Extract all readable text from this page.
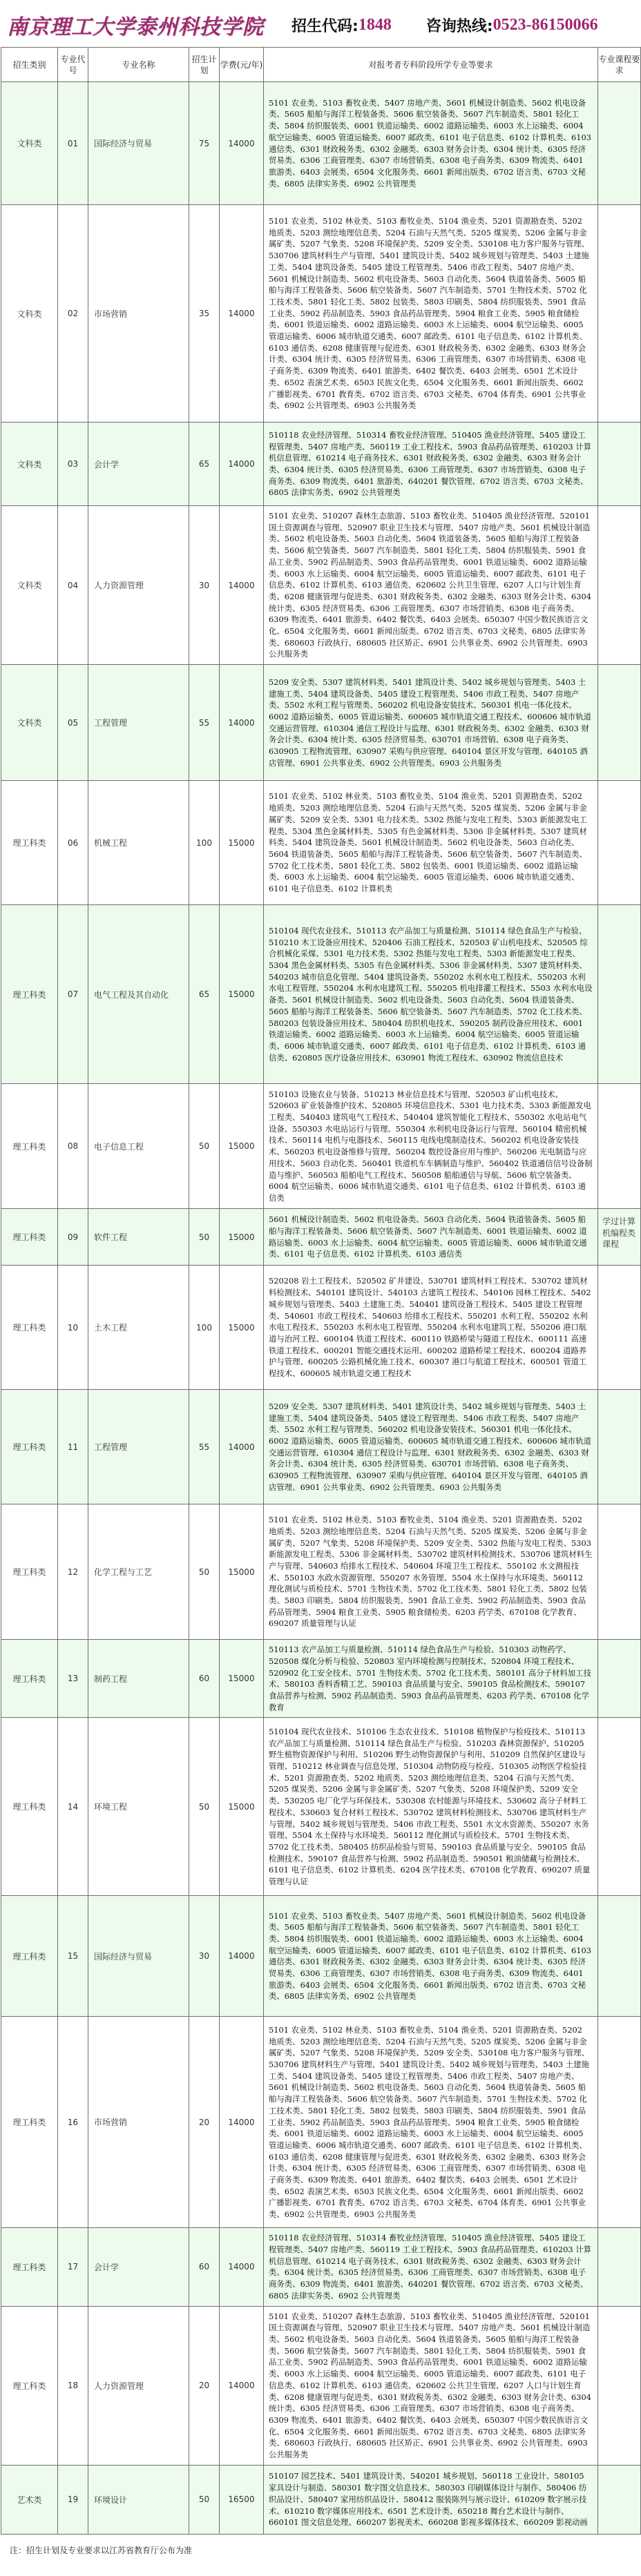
南京理工大学泰州科技学院 招生代码: 1848 咨询热线: 0523-86150066
招生类别	专业代号	专业名称	招生计划	学费(元/年)	对报考者专科阶段所学专业等要求	专业课程要求
文科类	01	国际经济与贸易	75	14000	5101 农业类、5103 畜牧业类、5407 房地产类、5601 机械设计制造类、5602 机电设备类、5605 船舶与海洋工程装备类、5606 航空装备类、5607 汽车制造类、5801 轻化工类、5804 纺织服装类、6001 铁道运输类、6002 道路运输类、6003 水上运输类、6004 航空运输类、6005 管道运输类、6007 邮政类、6101 电子信息类、6102 计算机类、6103 通信类、6301 财政税务类、6302 金融类、6303 财务会计类、6304 统计类、6305 经济贸易类、6306 工商管理类、6307 市场营销类、6308 电子商务类、6309 物流类、6401 旅游类、6403 会展类、6504 文化服务类、6601 新闻出版类、6702 语言类、6703 文秘类、6805 法律实务类、6902 公共管理类	
文科类	02	市场营销	35	14000	5101 农业类、5102 林业类、5103 畜牧业类、5104 渔业类、5201 资源勘查类、5202 地质类、5203 测绘地理信息类、5204 石油与天然气类、5205 煤炭类、5206 金属与非金属矿类、5207 气象类、5208 环境保护类、5209 安全类、530108 电力客户服务与管理、530706 建筑材料生产与管理、5401 建筑设计类、5402 城乡规划与管理类、5403 土建施工类、5404 建筑设备类、5405 建设工程管理类、5406 市政工程类、5407 房地产类、5601 机械设计制造类、5602 机电设备类、5603 自动化类、5604 铁道装备类、5605 船舶与海洋工程装备类、5606 航空装备类、5607 汽车制造类、5701 生物技术类、5702 化工技术类、5801 轻化工类、5802 包装类、5803 印刷类、5804 纺织服装类、5901 食品工业类、5902 药品制造类、5903 食品药品管理类、5904 粮食工业类、5905 粮食储检类、6001 铁道运输类、6002 道路运输类、6003 水上运输类、6004 航空运输类、6005 管道运输类、6006 城市轨道交通类、6007 邮政类、6101 电子信息类、6102 计算机类、6103 通信类、6208 健康管理与促进类、6301 财政税务类、6302 金融类、6303 财务会计类、6304 统计类、6305 经济贸易类、6306 工商管理类、6307 市场营销类、6308 电子商务类、6309 物流类、6401 旅游类、6402 餐饮类、6403 会展类、6501 艺术设计类、6502 表演艺术类、6503 民族文化类、6504 文化服务类、6601 新闻出版类、6602 广播影视类、6701 教育类、6702 语言类、6703 文秘类、6704 体育类、6901 公共事业类、6902 公共管理类、6903 公共服务类	
文科类	03	会计学	65	14000	510118 农业经济管理、510314 畜牧业经济管理、510405 渔业经济管理、5405 建设工程管理类、5407 房地产类、560119 工业工程技术、5903 食品药品管理类、610203 计算机信息管理、610214 电子商务技术、6301 财政税务类、6302 金融类、6303 财务会计类、6304 统计类、6305 经济贸易类、6306 工商管理类、6307 市场营销类、6308 电子商务类、6309 物流类、6401 旅游类、640201 餐饮管理、6702 语言类、6703 文秘类、6805 法律实务类、6902 公共管理类	
文科类	04	人力资源管理	30	14000	5101 农业类、510207 森林生态旅游、5103 畜牧业类、510405 渔业经济管理、520101 国土资源调查与管理、520907 职业卫生技术与管理、5407 房地产类、5601 机械设计制造类、5602 机电设备类、5603 自动化类、5604 铁道装备类、5605 船舶与海洋工程装备类、5606 航空装备类、5607 汽车制造类、5801 轻化工类、5804 纺织服装类、5901 食品工业类、5902 药品制造类、5903 食品药品管理类、6001 铁道运输类、6002 道路运输类、6003 水上运输类、6004 航空运输类、6005 管道运输类、6007 邮政类、6101 电子信息类、6102 计算机类、6103 通信类、620602 公共卫生管理、6207 人口与计划生育类、6208 健康管理与促进类、6301 财政税务类、6302 金融类、6303 财务会计类、6304 统计类、6305 经济贸易类、6306 工商管理类、6307 市场营销类、6308 电子商务类、6309 物流类、6401 旅游类、6402 餐饮类、6403 会展类、650307 中国少数民族语言文化、6504 文化服务类、6601 新闻出版类、6702 语言类、6703 文秘类、6805 法律实务类、680603 行政执行、680605 社区矫正、6901 公共事业类、6902 公共管理类、6903 公共服务类	
文科类	05	工程管理	55	14000	5209 安全类、5307 建筑材料类、5401 建筑设计类、5402 城乡规划与管理类、5403 土建施工类、5404 建筑设备类、5405 建设工程管理类、5406 市政工程类、5407 房地产类、5502 水利工程与管理类、560202 机电设备安装技术、560301 机电一体化技术、6002 道路运输类、6005 管道运输类、600605 城市轨道交通工程技术、600606 城市轨道交通运营管理、610304 通信工程设计与监理、6301 财政税务类、6302 金融类、6303 财务会计类、6304 统计类、6305 经济贸易类、630701 市场营销、6308 电子商务类、630905 工程物流管理、630907 采购与供应管理、640104 景区开发与管理、640105 酒店管理、6901 公共事业类、6902 公共管理类、6903 公共服务类	
理工科类	06	机械工程	100	15000	5101 农业类、5102 林业类、5103 畜牧业类、5104 渔业类、5201 资源勘查类、5202 地质类、5203 测绘地理信息类、5204 石油与天然气类、5205 煤炭类、5206 金属与非金属矿类、5209 安全类、5301 电力技术类、5302 热能与发电工程类、5303 新能源发电工程类、5304 黑色金属材料类、5305 有色金属材料类、5306 非金属材料类、5307 建筑材料类、5404 建筑设备类、5601 机械设计制造类、5602 机电设备类、5603 自动化类、5604 铁道装备类、5605 船舶与海洋工程装备类、5606 航空装备类、5607 汽车制造类、5702 化工技术类、5801 轻化工类、5802 包装类、6001 铁道运输类、6002 道路运输类、6003 水上运输类、6004 航空运输类、6005 管道运输类、6006 城市轨道交通类、6101 电子信息类、6102 计算机类	
理工科类	07	电气工程及其自动化	65	15000	510104 现代农业技术、510113 农产品加工与质量检测、510114 绿色食品生产与检验、510210 木工设备应用技术、520406 石油工程技术、520503 矿山机电技术、520505 综合机械化采煤、5301 电力技术类、5302 热能与发电工程类、5303 新能源发电工程类、5304 黑色金属材料类、5305 有色金属材料类、5306 非金属材料类、5307 建筑材料类、540203 城市信息化管理、5404 建筑设备类、550202 水利水电工程技术、550203 水利水电工程管理、550204 水利水电建筑工程、550205 机电排灌工程技术、5503 水利水电设备类、5601 机械设计制造类、5602 机电设备类、5603 自动化类、5604 铁道装备类、5605 船舶与海洋工程装备类、5606 航空装备类、5607 汽车制造类、5702 化工技术类、580203 包装设备应用技术、580404 纺织机电技术、590205 制药设备应用技术、6001 铁道运输类、6002 道路运输类、6003 水上运输类、6004 航空运输类、6005 管道运输类、6006 城市轨道交通类、6007 邮政类、6101 电子信息类、6102 计算机类、6103 通信类、620805 医疗设备应用技术、630901 物流工程技术、630902 物流信息技术	
理工科类	08	电子信息工程	50	15000	510103 设施农业与装备、510213 林业信息技术与管理、520503 矿山机电技术、520603 矿业装备维护技术、520805 环境信息技术、5301 电力技术类、5303 新能源发电工程类、540403 建筑电气工程技术、540404 建筑智能化工程技术、550302 水电站电气设备、550303 水电站运行与管理、550304 水利机电设备运行与管理、560104 精密机械技术、560114 电机与电器技术、560115 电线电缆制造技术、560202 机电设备安装技术、560203 机电设备维修与管理、560204 数控设备应用与维护、560206 光电制造与应用技术、5603 自动化类、560401 铁道机车车辆制造与维护、560402 铁道通信信号设备制造与维护、560503 船舶电气工程技术、560508 船舶通信与导航、5606 航空装备类、6004 航空运输类、6006 城市轨道交通类、6101 电子信息类、6102 计算机类、6103 通信类	
理工科类	09	软件工程	50	15000	5601 机械设计制造类、5602 机电设备类、5603 自动化类、5604 铁道装备类、5605 船舶与海洋工程装备类、5606 航空装备类、5607 汽车制造类、6001 铁道运输类、6002 道路运输类、6003 水上运输类、6004 航空运输类、6005 管道运输类、6006 城市轨道交通类、6101 电子信息类、6102 计算机类、6103 通信类	学过计算机编程类课程
理工科类	10	土木工程	100	15000	520208 岩土工程技术、520502 矿井建设、530701 建筑材料工程技术、530702 建筑材料检测技术、540101 建筑设计、540103 古建筑工程技术、540106 园林工程技术、5402 城乡规划与管理类、5403 土建施工类、540401 建筑设备工程技术、5405 建设工程管理类、540601 市政工程技术、540603 给排水工程技术、550201 水利工程、550202 水利水电工程技术、550203 水利水电工程管理、550204 水利水电建筑工程、550206 港口航道与治河工程、600104 铁道工程技术、600110 铁路桥梁与隧道工程技术、600111 高速铁道工程技术、600201 智能交通技术运用、600202 道路桥梁工程技术、600204 道路养护与管理、600205 公路机械化施工技术、600307 港口与航道工程技术、600501 管道工程技术、600605 城市轨道交通工程技术	
理工科类	11	工程管理	55	14000	5209 安全类、5307 建筑材料类、5401 建筑设计类、5402 城乡规划与管理类、5403 土建施工类、5404 建筑设备类、5405 建设工程管理类、5406 市政工程类、5407 房地产类、5502 水利工程与管理类、560202 机电设备安装技术、560301 机电一体化技术、6002 道路运输类、6005 管道运输类、600605 城市轨道交通工程技术、600606 城市轨道交通运营管理、610304 通信工程设计与监理、6301 财政税务类、6302 金融类、6303 财务会计类、6304 统计类、6305 经济贸易类、630701 市场营销、6308 电子商务类、630905 工程物流管理、630907 采购与供应管理、640104 景区开发与管理、640105 酒店管理、6901 公共事业类、6902 公共管理类、6903 公共服务类	
理工科类	12	化学工程与工艺	50	15000	5101 农业类、5102 林业类、5103 畜牧业类、5104 渔业类、5201 资源勘查类、5202 地质类、5203 测绘地理信息类、5204 石油与天然气类、5205 煤炭类、5206 金属与非金属矿类、5207 气象类、5208 环境保护类、5209 安全类、5302 热能与发电工程类、5303 新能源发电工程类、5306 非金属材料类、530702 建筑材料检测技术、530706 建筑材料生产与管理、540603 给排水工程技术、540604 环境卫生工程技术、550102 水文测报技术、550103 水政水资源管理、550207 水务管理、5504 水土保持与水环境类、560112 理化测试与质检技术、5701 生物技术类、5702 化工技术类、5801 轻化工类、5802 包装类、5803 印刷类、5804 纺织服装类、5901 食品工业类、5902 药品制造类、5903 食品药品管理类、5904 粮食工业类、5905 粮食储检类、6203 药学类、670108 化学教育、690207 质量管理与认证	
理工科类	13	制药工程	60	15000	510113 农产品加工与质量检测、510114 绿色食品生产与检验、510303 动物药学、520508 煤化分析与检验、520803 室内环境检测与控制技术、520804 环境工程技术、520902 化工安全技术、5701 生物技术类、5702 化工技术类、580101 高分子材料加工技术、580103 香料香精工艺、590103 食品质量与安全、590105 食品检测技术、590107 食品营养与检测、5902 药品制造类、5903 食品药品管理类、6203 药学类、670108 化学教育	
理工科类	14	环境工程	50	15000	510104 现代农业技术、510106 生态农业技术、510108 植物保护与检疫技术、510113 农产品加工与质量检测、510114 绿色食品生产与检验、510203 森林资源保护、510205 野生植物资源保护与利用、510206 野生动物资源保护与利用、510209 自然保护区建设与管理、510212 林业调查与信息处理、510304 动物防疫与检疫、510305 动物医学检验技术、5201 资源勘查类、5202 地质类、5203 测绘地理信息类、5204 石油与天然气类、5205 煤炭类、5206 金属与非金属矿类、5207 气象类、5208 环境保护类、5209 安全类、530205 电厂化学与环保技术、530308 农村能源与环境技术、530602 高分子材料工程技术、530603 复合材料工程技术、530702 建筑材料检测技术、530706 建筑材料生产与管理、5402 城乡规划与管理类、5406 市政工程类、5501 水文水资源类、550207 水务管理、5504 水土保持与水环境类、560112 理化测试与质检技术、5701 生物技术类、5702 化工技术类、580405 纺织品检验与贸易、590103 食品质量与安全、590105 食品检测技术、590107 食品营养与检测、5902 药品制造类、590501 粮油储藏与检测技术、6101 电子信息类、6102 计算机类、6204 医学技术类、670108 化学教育、690207 质量管理与认证	
理工科类	15	国际经济与贸易	30	14000	5101 农业类、5103 畜牧业类、5407 房地产类、5601 机械设计制造类、5602 机电设备类、5605 船舶与海洋工程装备类、5606 航空装备类、5607 汽车制造类、5801 轻化工类、5804 纺织服装类、6001 铁道运输类、6002 道路运输类、6003 水上运输类、6004 航空运输类、6005 管道运输类、6007 邮政类、6101 电子信息类、6102 计算机类、6103 通信类、6301 财政税务类、6302 金融类、6303 财务会计类、6304 统计类、6305 经济贸易类、6306 工商管理类、6307 市场营销类、6308 电子商务类、6309 物流类、6401 旅游类、6403 会展类、6504 文化服务类、6601 新闻出版类、6702 语言类、6703 文秘类、6805 法律实务类、6902 公共管理类	
理工科类	16	市场营销	20	14000	5101 农业类、5102 林业类、5103 畜牧业类、5104 渔业类、5201 资源勘查类、5202 地质类、5203 测绘地理信息类、5204 石油与天然气类、5205 煤炭类、5206 金属与非金属矿类、5207 气象类、5208 环境保护类、5209 安全类、530108 电力客户服务与管理、530706 建筑材料生产与管理、5401 建筑设计类、5402 城乡规划与管理类、5403 土建施工类、5404 建筑设备类、5405 建设工程管理类、5406 市政工程类、5407 房地产类、5601 机械设计制造类、5602 机电设备类、5603 自动化类、5604 铁道装备类、5605 船舶与海洋工程装备类、5606 航空装备类、5607 汽车制造类、5701 生物技术类、5702 化工技术类、5801 轻化工类、5802 包装类、5803 印刷类、5804 纺织服装类、5901 食品工业类、5902 药品制造类、5903 食品药品管理类、5904 粮食工业类、5905 粮食储检类、6001 铁道运输类、6002 道路运输类、6003 水上运输类、6004 航空运输类、6005 管道运输类、6006 城市轨道交通类、6007 邮政类、6101 电子信息类、6102 计算机类、6103 通信类、6208 健康管理与促进类、6301 财政税务类、6302 金融类、6303 财务会计类、6304 统计类、6305 经济贸易类、6306 工商管理类、6307 市场营销类、6308 电子商务类、6309 物流类、6401 旅游类、6402 餐饮类、6403 会展类、6501 艺术设计类、6502 表演艺术类、6503 民族文化类、6504 文化服务类、6601 新闻出版类、6602 广播影视类、6701 教育类、6702 语言类、6703 文秘类、6704 体育类、6901 公共事业类、6902 公共管理类、6903 公共服务类	
理工科类	17	会计学	60	14000	510118 农业经济管理、510314 畜牧业经济管理、510405 渔业经济管理、5405 建设工程管理类、5407 房地产类、560119 工业工程技术、5903 食品药品管理类、610203 计算机信息管理、610214 电子商务技术、6301 财政税务类、6302 金融类、6303 财务会计类、6304 统计类、6305 经济贸易类、6306 工商管理类、6307 市场营销类、6308 电子商务类、6309 物流类、6401 旅游类、640201 餐饮管理、6702 语言类、6703 文秘类、6805 法律实务类、6902 公共管理类	
理工科类	18	人力资源管理	20	14000	5101 农业类、510207 森林生态旅游、5103 畜牧业类、510405 渔业经济管理、520101 国土资源调查与管理、520907 职业卫生技术与管理、5407 房地产类、5601 机械设计制造类、5602 机电设备类、5603 自动化类、5604 铁道装备类、5605 船舶与海洋工程装备类、5606 航空装备类、5607 汽车制造类、5801 轻化工类、5804 纺织服装类、5901 食品工业类、5902 药品制造类、5903 食品药品管理类、6001 铁道运输类、6002 道路运输类、6003 水上运输类、6004 航空运输类、6005 管道运输类、6007 邮政类、6101 电子信息类、6102 计算机类、6103 通信类、620602 公共卫生管理、6207 人口与计划生育类、6208 健康管理与促进类、6301 财政税务类、6302 金融类、6303 财务会计类、6304 统计类、6305 经济贸易类、6306 工商管理类、6307 市场营销类、6308 电子商务类、6309 物流类、6401 旅游类、6402 餐饮类、6403 会展类、650307 中国少数民族语言文化、6504 文化服务类、6601 新闻出版类、6702 语言类、6703 文秘类、6805 法律实务类、680603 行政执行、680605 社区矫正、6901 公共事业类、6902 公共管理类、6903 公共服务类	
艺术类	19	环境设计	50	16500	510107 园艺技术、5401 建筑设计类、540201 城乡规划、560118 工业设计、580105 家具设计与制造、580301 数字图文信息技术、580303 印刷媒体设计与制作、580406 纺织品设计、580407 家用纺织品设计、580412 服装陈列与展示设计、610209 数字展示技术、610210 数字媒体应用技术、6501 艺术设计类、650218 舞台艺术设计与制作、660101 图文信息处理、660207 影视美术、660208 影视多媒体技术、660209 影视动画	
注：招生计划及专业要求以江苏省教育厅公布为准
